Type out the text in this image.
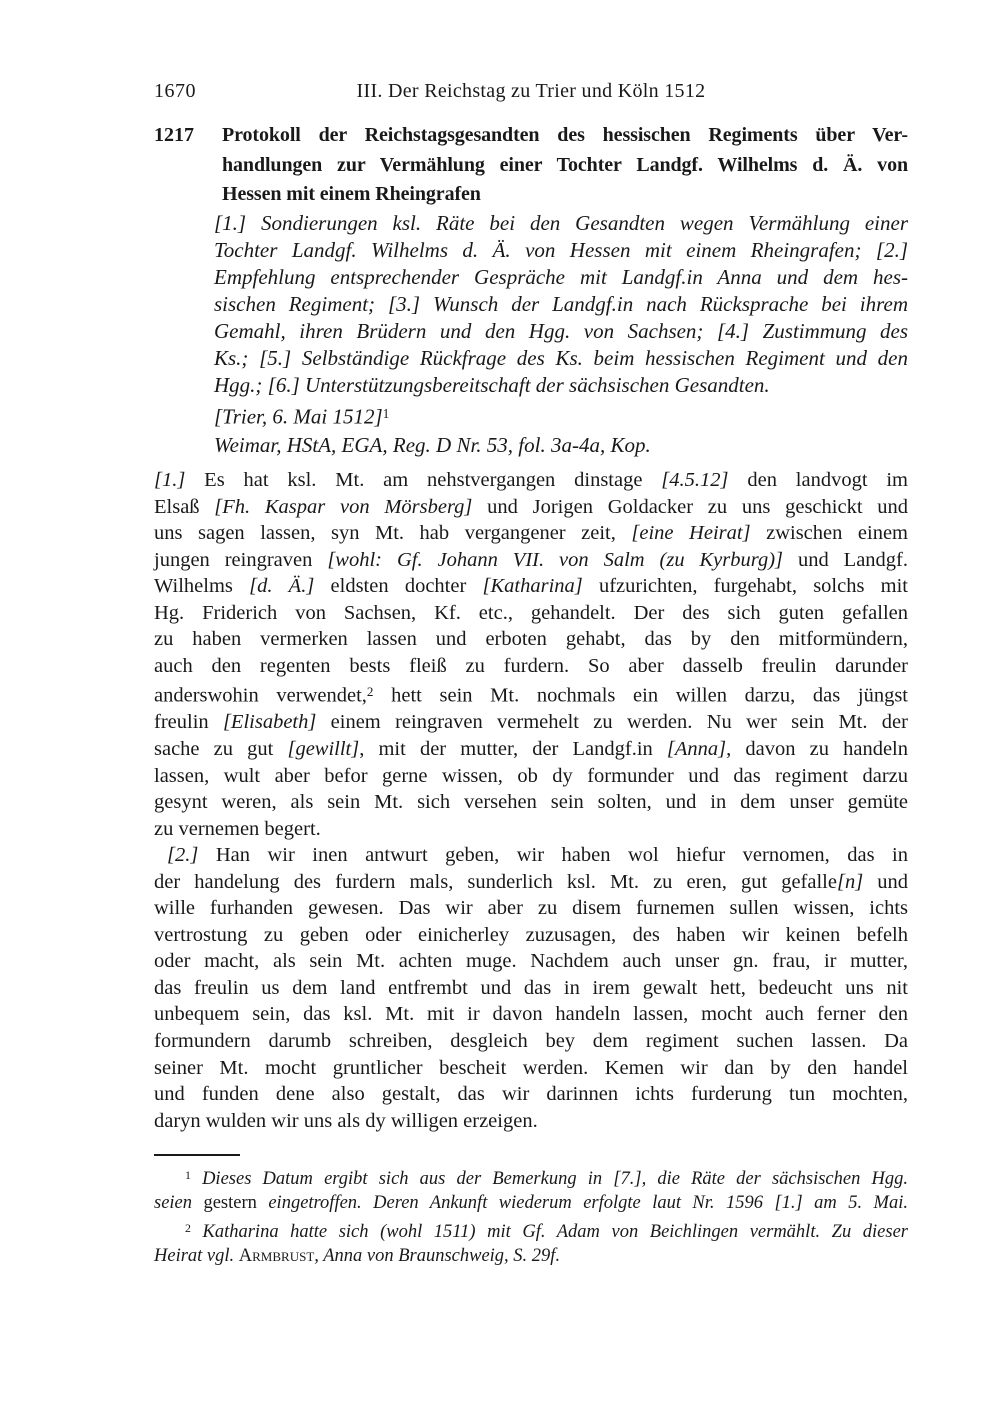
1670	III. Der Reichstag zu Trier und Köln 1512
1217 Protokoll der Reichstagsgesandten des hessischen Regiments über Ver-
handlungen zur Vermählung einer Tochter Landgf. Wilhelms d. Ä. von
Hessen mit einem Rheingrafen
[1.] Sondierungen ksl. Räte bei den Gesandten wegen Vermählung einer
Tochter Landgf. Wilhelms d. Ä. von Hessen mit einem Rheingrafen; [2.]
Empfehlung entsprechender Gespräche mit Landgf.in Anna und dem hes-
sischen Regiment; [3.] Wunsch der Landgf.in nach Rücksprache bei ihrem
Gemahl, ihren Brüdern und den Hgg. von Sachsen; [4.] Zustimmung des
Ks.; [5.] Selbständige Rückfrage des Ks. beim hessischen Regiment und den
Hgg.; [6.] Unterstützungsbereitschaft der sächsischen Gesandten.
[Trier, 6. Mai 1512]$^1$
Weimar, HStA, EGA, Reg. D Nr. 53, fol. 3a-4a, Kop.
[1.] Es hat ksl. Mt. am nehstvergangen dinstage [4.5.12] den landvogt im
Elsaß [Fh. Kaspar von Mörsberg] und Jorigen Goldacker zu uns geschickt und
uns sagen lassen, syn Mt. hab vergangener zeit, [eine Heirat] zwischen einem
jungen reingraven [wohl: Gf. Johann VII. von Salm (zu Kyrburg)] und Landgf.
Wilhelms [d. Ä.] eldsten dochter [Katharina] ufzurichten, furgehabt, solchs mit
Hg. Friderich von Sachsen, Kf. etc., gehandelt. Der des sich guten gefallen
zu haben vermerken lassen und erboten gehabt, das by den mitformündern,
auch den regenten bests fleiß zu furdern. So aber dasselb freulin darunder
anderswohin verwendet,$^2$ hett sein Mt. nochmals ein willen darzu, das jüngst
freulin [Elisabeth] einem reingraven vermehelt zu werden. Nu wer sein Mt. der
sache zu gut [gewillt], mit der mutter, der Landgf.in [Anna], davon zu handeln
lassen, wult aber befor gerne wissen, ob dy formunder und das regiment darzu
gesynt weren, als sein Mt. sich versehen sein solten, und in dem unser gemüte
zu vernemen begert.
[2.] Han wir inen antwurt geben, wir haben wol hiefur vernomen, das in
der handelung des furdern mals, sunderlich ksl. Mt. zu eren, gut gefalle[n] und
wille furhanden gewesen. Das wir aber zu disem furnemen sullen wissen, ichts
vertrostung zu geben oder einicherley zuzusagen, des haben wir keinen befelh
oder macht, als sein Mt. achten muge. Nachdem auch unser gn. frau, ir mutter,
das freulin us dem land entfrembt und das in irem gewalt hett, bedeucht uns nit
unbequem sein, das ksl. Mt. mit ir davon handeln lassen, mocht auch ferner den
formundern darumb schreiben, desgleich bey dem regiment suchen lassen. Da
seiner Mt. mocht gruntlicher bescheit werden. Kemen wir dan by den handel
und funden dene also gestalt, das wir darinnen ichts furderung tun mochten,
daryn wulden wir uns als dy willigen erzeigen.
$^1$ Dieses Datum ergibt sich aus der Bemerkung in [7.], die Räte der sächsischen Hgg.
seien gestern eingetroffen. Deren Ankunft wiederum erfolgte laut Nr. 1596 [1.] am 5. Mai.
$^2$ Katharina hatte sich (wohl 1511) mit Gf. Adam von Beichlingen vermählt. Zu dieser
Heirat vgl. Armbrust, Anna von Braunschweig, S. 29f.
